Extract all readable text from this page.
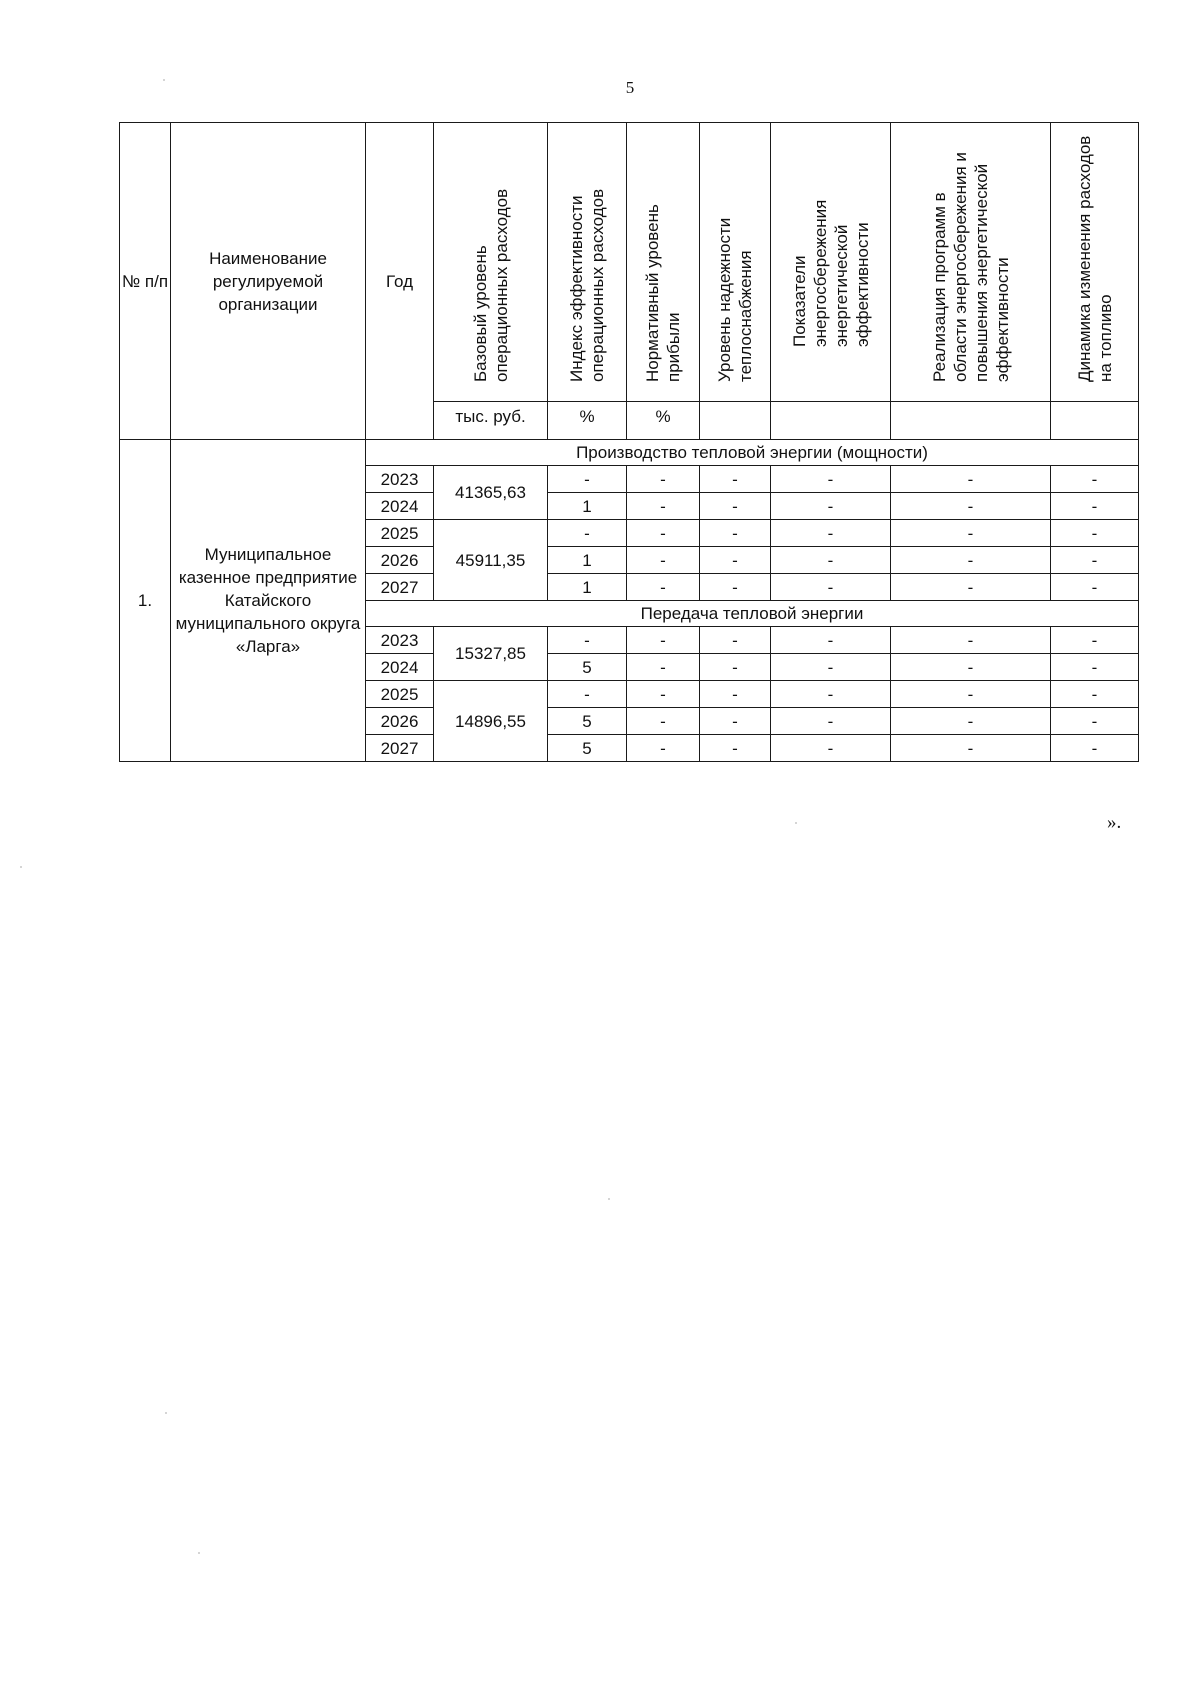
5
№ п/п	Наименование регулируемой организации	Год	Базовый уровень операционных расходов	Индекс эффективности операционных расходов	Нормативный уровень прибыли	Уровень надежности теплоснабжения	Показатели энергосбережения энергетической эффективности	Реализация программ в области энергосбережения и повышения энергетической эффективности	Динамика изменения расходов на топливо
			тыс. руб.	%	%				
1.	Муниципальное казенное предприятие Катайского муниципального округа «Ларга»	Производство тепловой энергии (мощности)							
		2023	41365,63	-	-	-	-	-	-
		2024		1	-	-	-	-	-
		2025	45911,35	-	-	-	-	-	-
		2026		1	-	-	-	-	-
		2027		1	-	-	-	-	-
		Передача тепловой энергии							
		2023	15327,85	-	-	-	-	-	-
		2024		5	-	-	-	-	-
		2025	14896,55	-	-	-	-	-	-
		2026		5	-	-	-	-	-
		2027		5	-	-	-	-	-
».
